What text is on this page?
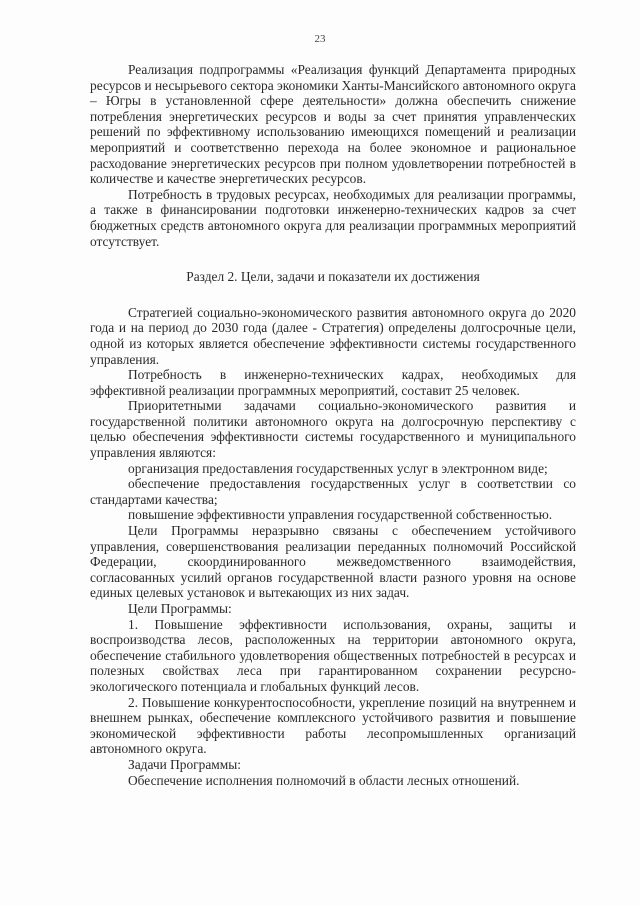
23

Реализация подпрограммы «Реализация функций Департамента природных ресурсов и несырьевого сектора экономики Ханты-Мансийского автономного округа – Югры в установленной сфере деятельности» должна обеспечить снижение потребления энергетических ресурсов и воды за счет принятия управленческих решений по эффективному использованию имеющихся помещений и реализации мероприятий и соответственно перехода на более экономное и рациональное расходование энергетических ресурсов при полном удовлетворении потребностей в количестве и качестве энергетических ресурсов.

Потребность в трудовых ресурсах, необходимых для реализации программы, а также в финансировании подготовки инженерно-технических кадров за счет бюджетных средств автономного округа для реализации программных мероприятий отсутствует.

Раздел 2. Цели, задачи и показатели их достижения

Стратегией социально-экономического развития автономного округа до 2020 года и на период до 2030 года (далее - Стратегия) определены долгосрочные цели, одной из которых является обеспечение эффективности системы государственного управления.

Потребность в инженерно-технических кадрах, необходимых для эффективной реализации программных мероприятий, составит 25 человек.

Приоритетными задачами социально-экономического развития и государственной политики автономного округа на долгосрочную перспективу с целью обеспечения эффективности системы государственного и муниципального управления являются:

организация предоставления государственных услуг в электронном виде;

обеспечение предоставления государственных услуг в соответствии со стандартами качества;

повышение эффективности управления государственной собственностью.

Цели Программы неразрывно связаны с обеспечением устойчивого управления, совершенствования реализации переданных полномочий Российской Федерации, скоординированного межведомственного взаимодействия, согласованных усилий органов государственной власти разного уровня на основе единых целевых установок и вытекающих из них задач.

Цели Программы:

1. Повышение эффективности использования, охраны, защиты и воспроизводства лесов, расположенных на территории автономного округа, обеспечение стабильного удовлетворения общественных потребностей в ресурсах и полезных свойствах леса при гарантированном сохранении ресурсно-экологического потенциала и глобальных функций лесов.

2. Повышение конкурентоспособности, укрепление позиций на внутреннем и внешнем рынках, обеспечение комплексного устойчивого развития и повышение экономической эффективности работы лесопромышленных организаций автономного округа.

Задачи Программы:

Обеспечение исполнения полномочий в области лесных отношений.
